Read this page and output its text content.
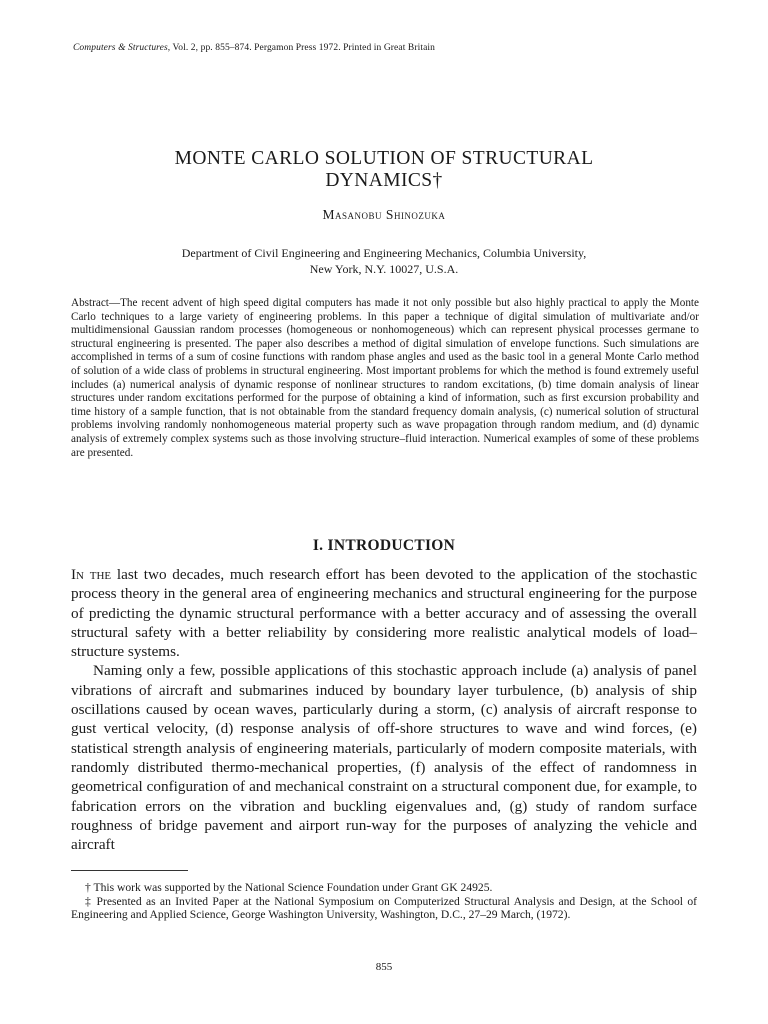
Computers & Structures, Vol. 2, pp. 855–874. Pergamon Press 1972. Printed in Great Britain
MONTE CARLO SOLUTION OF STRUCTURAL
DYNAMICS†
Masanobu Shinozuka
Department of Civil Engineering and Engineering Mechanics, Columbia University,
New York, N.Y. 10027, U.S.A.
Abstract—The recent advent of high speed digital computers has made it not only possible but also highly practical to apply the Monte Carlo techniques to a large variety of engineering problems. In this paper a technique of digital simulation of multivariate and/or multidimensional Gaussian random processes (homogeneous or nonhomogeneous) which can represent physical processes germane to structural engineering is presented. The paper also describes a method of digital simulation of envelope functions. Such simulations are accomplished in terms of a sum of cosine functions with random phase angles and used as the basic tool in a general Monte Carlo method of solution of a wide class of problems in structural engineering. Most important problems for which the method is found extremely useful includes (a) numerical analysis of dynamic response of nonlinear structures to random excitations, (b) time domain analysis of linear structures under random excitations performed for the purpose of obtaining a kind of information, such as first excursion probability and time history of a sample function, that is not obtainable from the standard frequency domain analysis, (c) numerical solution of structural problems involving randomly nonhomogeneous material property such as wave propagation through random medium, and (d) dynamic analysis of extremely complex systems such as those involving structure–fluid interaction. Numerical examples of some of these problems are presented.
I. INTRODUCTION

In the last two decades, much research effort has been devoted to the application of the stochastic process theory in the general area of engineering mechanics and structural engineering for the purpose of predicting the dynamic structural performance with a better accuracy and of assessing the overall structural safety with a better reliability by considering more realistic analytical models of load–structure systems.

Naming only a few, possible applications of this stochastic approach include (a) analysis of panel vibrations of aircraft and submarines induced by boundary layer turbulence, (b) analysis of ship oscillations caused by ocean waves, particularly during a storm, (c) analysis of aircraft response to gust vertical velocity, (d) response analysis of off-shore structures to wave and wind forces, (e) statistical strength analysis of engineering materials, particularly of modern composite materials, with randomly distributed thermo-mechanical properties, (f) analysis of the effect of randomness in geometrical configuration of and mechanical constraint on a structural component due, for example, to fabrication errors on the vibration and buckling eigenvalues and, (g) study of random surface roughness of bridge pavement and airport run-way for the purposes of analyzing the vehicle and aircraft

† This work was supported by the National Science Foundation under Grant GK 24925.

‡ Presented as an Invited Paper at the National Symposium on Computerized Structural Analysis and Design, at the School of Engineering and Applied Science, George Washington University, Washington, D.C., 27–29 March, (1972).

855
